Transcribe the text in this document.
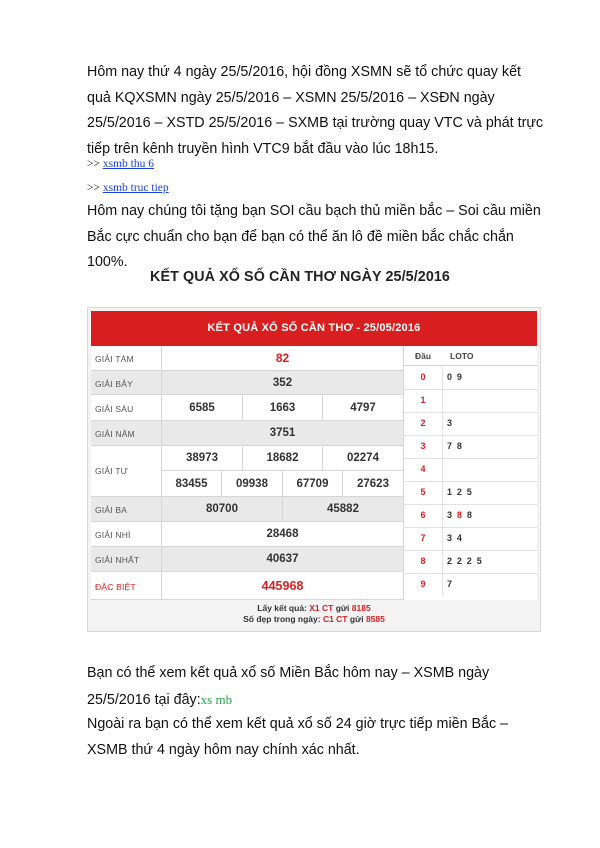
Hôm nay thứ 4 ngày 25/5/2016, hội đồng XSMN sẽ tổ chức quay kết quả KQXSMN ngày 25/5/2016 – XSMN 25/5/2016 – XSĐN ngày 25/5/2016 – XSTD 25/5/2016 – SXMB tại trường quay VTC và phát trực tiếp trên kênh truyền hình VTC9 bắt đầu vào lúc 18h15.

>> xsmb thu 6
>> xsmb truc tiep

Hôm nay chúng tôi tặng bạn SOI cầu bạch thủ miền bắc – Soi cầu miền Bắc cực chuẩn cho bạn để bạn có thể ăn lô đề miền bắc chắc chắn 100%.

KẾT QUẢ XỔ SỐ CẦN THƠ NGÀY 25/5/2016
KẾT QUẢ XỔ SỐ CẦN THƠ - 25/05/2016
GIẢI TÁM	82
GIẢI BẢY	352
GIẢI SÁU	6585	1663	4797
GIẢI NĂM	3751
GIẢI TƯ
38973	18682	02274
83455	09938	67709	27623
GIẢI BA	80700	45882
GIẢI NHÌ	28468
GIẢI NHẤT	40637
ĐẶC BIỆT	445968
Đầu	LOTO
0	0 9
1
2	3
3	7 8
4
5	1 2 5
6	3 8 8
7	3 4
8	2 2 2 5
9	7
Lấy kết quả: X1 CT gửi 8185
Số đẹp trong ngày: C1 CT gửi 8585

Bạn có thể xem kết quả xổ số Miền Bắc hôm nay – XSMB ngày 25/5/2016 tại đây:xs mb

Ngoài ra bạn có thể xem kết quả xổ số 24 giờ trực tiếp miền Bắc – XSMB thứ 4 ngày hôm nay chính xác nhất.
